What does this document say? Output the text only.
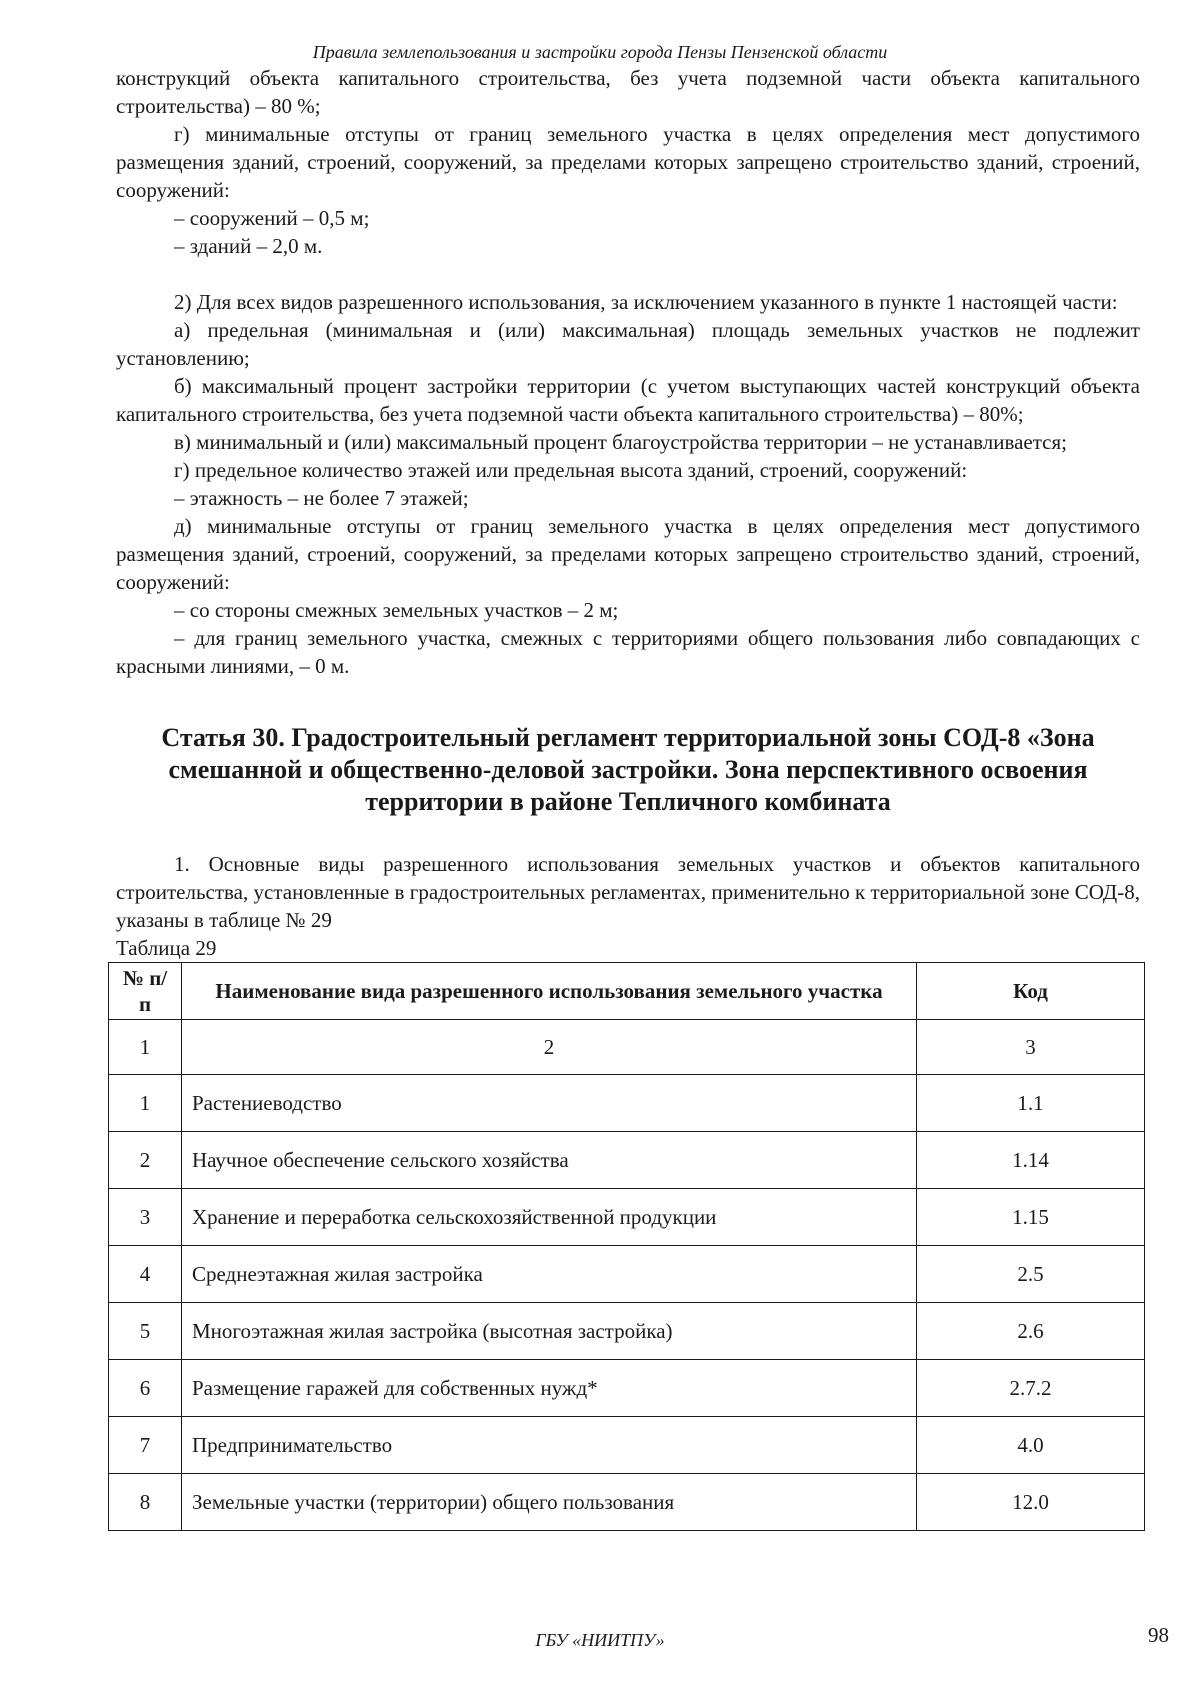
Правила землепользования и застройки города Пензы Пензенской области

конструкций объекта капитального строительства, без учета подземной части объекта капитального строительства) – 80 %;

г) минимальные отступы от границ земельного участка в целях определения мест допустимого размещения зданий, строений, сооружений, за пределами которых запрещено строительство зданий, строений, сооружений:

– сооружений – 0,5 м;

– зданий – 2,0 м.

2) Для всех видов разрешенного использования, за исключением указанного в пункте 1 настоящей части:

а) предельная (минимальная и (или) максимальная) площадь земельных участков не подлежит установлению;

б) максимальный процент застройки территории (с учетом выступающих частей конструкций объекта капитального строительства, без учета подземной части объекта капитального строительства) – 80%;

в) минимальный и (или) максимальный процент благоустройства территории – не устанавливается;

г) предельное количество этажей или предельная высота зданий, строений, сооружений:

– этажность – не более 7 этажей;

д) минимальные отступы от границ земельного участка в целях определения мест допустимого размещения зданий, строений, сооружений, за пределами которых запрещено строительство зданий, строений, сооружений:

– со стороны смежных земельных участков – 2 м;

– для границ земельного участка, смежных с территориями общего пользования либо совпадающих с красными линиями, – 0 м.

Статья 30. Градостроительный регламент территориальной зоны СОД-8 «Зона смешанной и общественно-деловой застройки. Зона перспективного освоения территории в районе Тепличного комбината

1. Основные виды разрешенного использования земельных участков и объектов капитального строительства, установленные в градостроительных регламентах, применительно к территориальной зоне СОД-8, указаны в таблице № 29

Таблица 29

№ п/п	Наименование вида разрешенного использования земельного участка	Код
1	2	3
1	Растениеводство	1.1
2	Научное обеспечение сельского хозяйства	1.14
3	Хранение и переработка сельскохозяйственной продукции	1.15
4	Среднеэтажная жилая застройка	2.5
5	Многоэтажная жилая застройка (высотная застройка)	2.6
6	Размещение гаражей для собственных нужд*	2.7.2
7	Предпринимательство	4.0
8	Земельные участки (территории) общего пользования	12.0
ГБУ «НИИТПУ»	98
